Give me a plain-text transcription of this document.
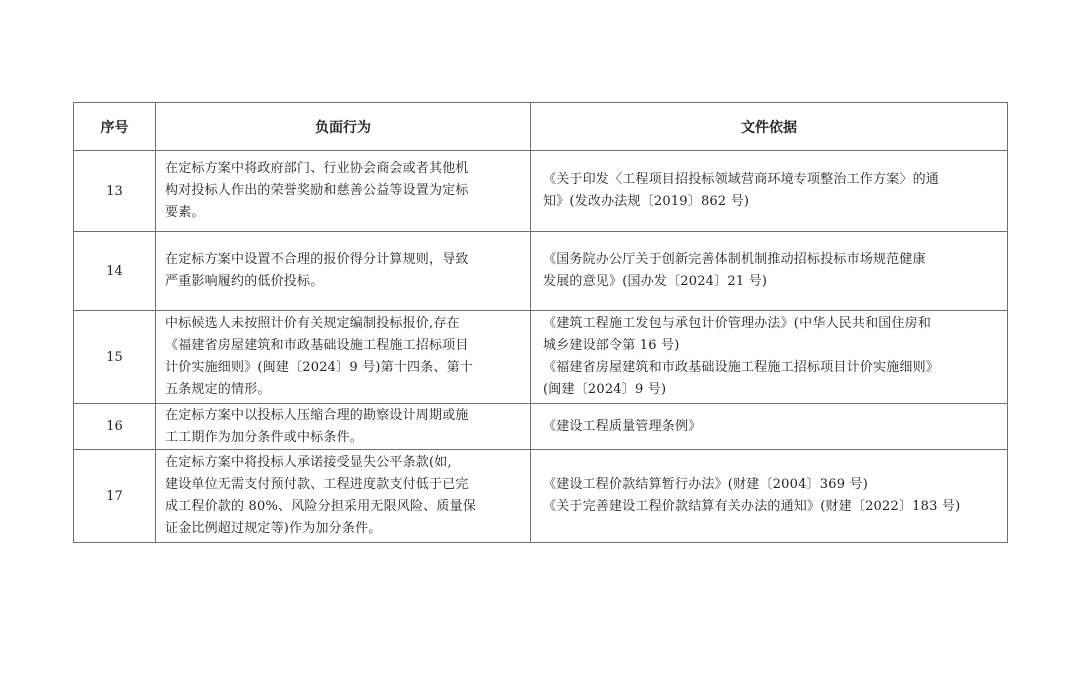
序号	负面行为	文件依据
13	在定标方案中将政府部门、行业协会商会或者其他机
构对投标人作出的荣誉奖励和慈善公益等设置为定标
要素。	《关于印发〈工程项目招投标领域营商环境专项整治工作方案〉的通
知》(发改办法规〔2019〕862 号)

14	在定标方案中设置不合理的报价得分计算规则，导致
严重影响履约的低价投标。	《国务院办公厅关于创新完善体制机制推动招标投标市场规范健康
发展的意见》(国办发〔2024〕21 号)

15	中标候选人未按照计价有关规定编制投标报价,存在
《福建省房屋建筑和市政基础设施工程施工招标项目
计价实施细则》(闽建〔2024〕9 号)第十四条、第十
五条规定的情形。	《建筑工程施工发包与承包计价管理办法》(中华人民共和国住房和
城乡建设部令第 16 号)
《福建省房屋建筑和市政基础设施工程施工招标项目计价实施细则》
(闽建〔2024〕9 号)

16	在定标方案中以投标人压缩合理的勘察设计周期或施
工工期作为加分条件或中标条件。	《建设工程质量管理条例》

17	在定标方案中将投标人承诺接受显失公平条款(如,
建设单位无需支付预付款、工程进度款支付低于已完
成工程价款的 80%、风险分担采用无限风险、质量保
证金比例超过规定等)作为加分条件。	《建设工程价款结算暂行办法》(财建〔2004〕369 号)
《关于完善建设工程价款结算有关办法的通知》(财建〔2022〕183 号)
